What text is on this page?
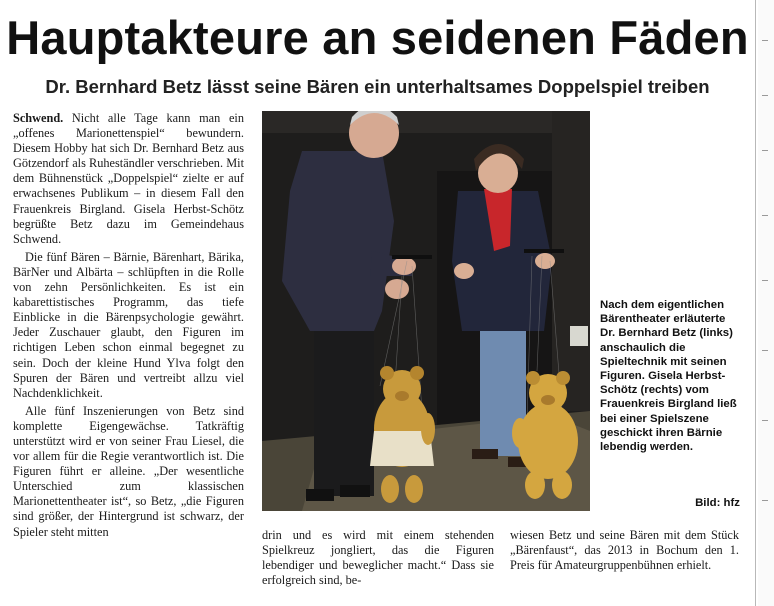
Hauptakteure an seidenen Fäden
Dr. Bernhard Betz lässt seine Bären ein unterhaltsames Doppelspiel treiben

Schwend. Nicht alle Tage kann man ein „offenes Marionettenspiel“ bewundern. Diesem Hobby hat sich Dr. Bernhard Betz aus Götzendorf als Ruheständler verschrieben. Mit dem Bühnenstück „Doppelspiel“ zielte er auf erwachsenes Publikum – in diesem Fall den Frauenkreis Birgland. Gisela Herbst-Schötz begrüßte Betz dazu im Gemeindehaus Schwend.

Die fünf Bären – Bärnie, Bärenhart, Bärika, BärNer und Albärta – schlüpften in die Rolle von zehn Persönlichkeiten. Es ist ein kabarettistisches Programm, das tiefe Einblicke in die Bärenpsychologie gewährt. Jeder Zuschauer glaubt, den Figuren im richtigen Leben schon einmal begegnet zu sein. Doch der kleine Hund Ylva folgt den Spuren der Bären und vertreibt allzu viel Nachdenklichkeit.

Alle fünf Inszenierungen von Betz sind komplette Eigengewächse. Tatkräftig unterstützt wird er von seiner Frau Liesel, die vor allem für die Regie verantwortlich ist. Die Figuren führt er alleine. „Der wesentliche Unterschied zum klassischen Marionettentheater ist“, so Betz, „die Figuren sind größer, der Hintergrund ist schwarz, der Spieler steht mitten

Nach dem eigentlichen Bärentheater erläuterte Dr. Bernhard Betz (links) anschaulich die Spieltechnik mit seinen Figuren. Gisela Herbst-Schötz (rechts) vom Frauenkreis Birgland ließ bei einer Spielszene geschickt ihren Bärnie lebendig werden.

Bild: hfz

drin und es wird mit einem stehenden Spielkreuz jongliert, das die Figuren lebendiger und beweglicher macht.“ Dass sie erfolgreich sind, be-

wiesen Betz und seine Bären mit dem Stück „Bärenfaust“, das 2013 in Bochum den 1. Preis für Amateurgruppenbühnen erhielt.
